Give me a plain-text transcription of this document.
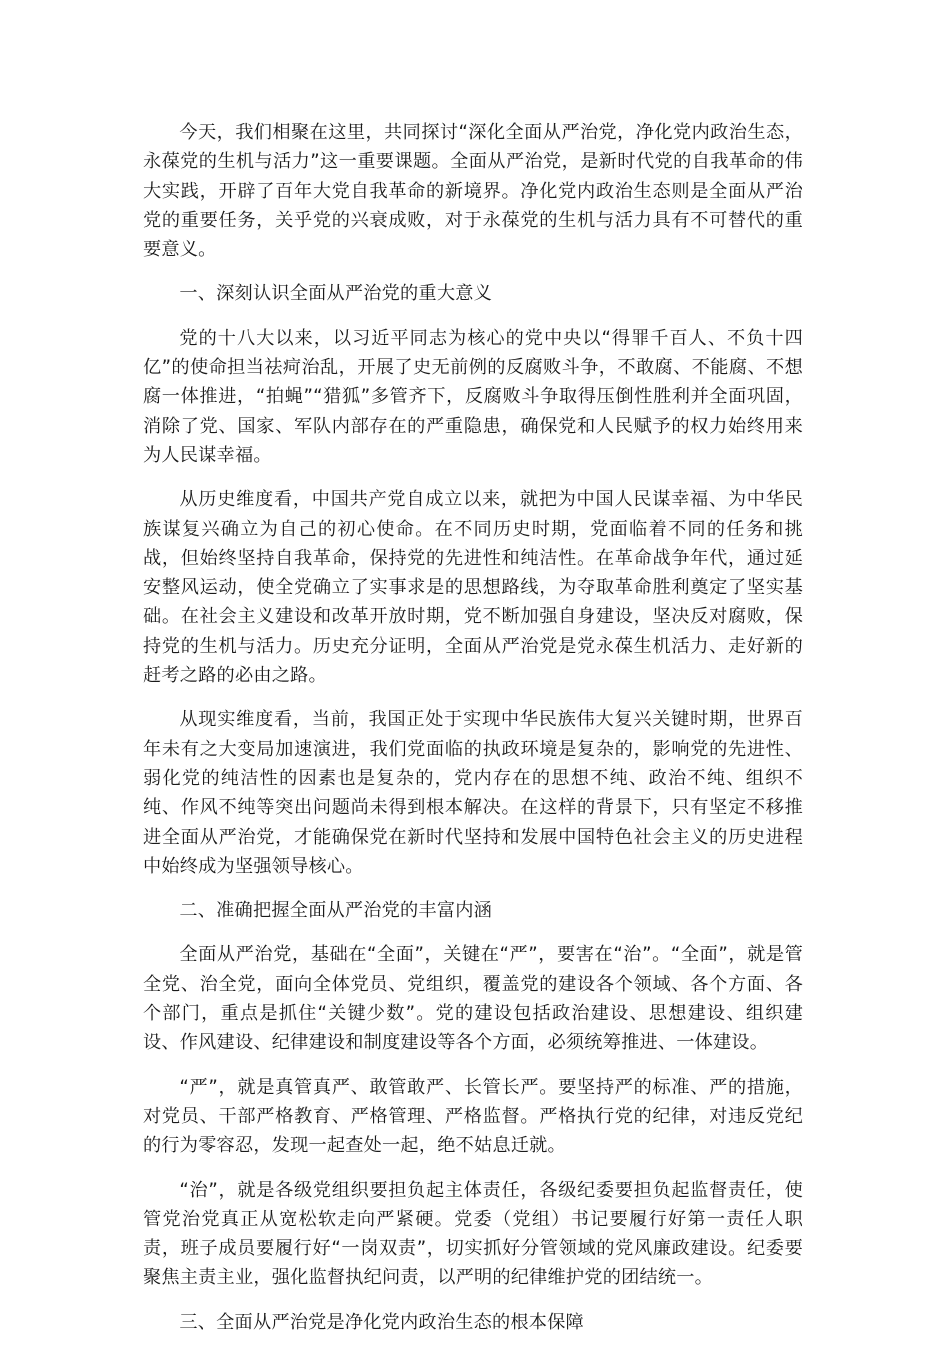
今天，我们相聚在这里，共同探讨“深化全面从严治党，净化党内政治生态，永葆党的生机与活力”这一重要课题。全面从严治党，是新时代党的自我革命的伟大实践，开辟了百年大党自我革命的新境界。净化党内政治生态则是全面从严治党的重要任务，关乎党的兴衰成败，对于永葆党的生机与活力具有不可替代的重要意义。

一、深刻认识全面从严治党的重大意义

党的十八大以来，以习近平同志为核心的党中央以“得罪千百人、不负十四亿”的使命担当祛疴治乱，开展了史无前例的反腐败斗争，不敢腐、不能腐、不想腐一体推进，“拍蝇”“猎狐”多管齐下，反腐败斗争取得压倒性胜利并全面巩固，消除了党、国家、军队内部存在的严重隐患，确保党和人民赋予的权力始终用来为人民谋幸福。

从历史维度看，中国共产党自成立以来，就把为中国人民谋幸福、为中华民族谋复兴确立为自己的初心使命。在不同历史时期，党面临着不同的任务和挑战，但始终坚持自我革命，保持党的先进性和纯洁性。在革命战争年代，通过延安整风运动，使全党确立了实事求是的思想路线，为夺取革命胜利奠定了坚实基础。在社会主义建设和改革开放时期，党不断加强自身建设，坚决反对腐败，保持党的生机与活力。历史充分证明，全面从严治党是党永葆生机活力、走好新的赶考之路的必由之路。

从现实维度看，当前，我国正处于实现中华民族伟大复兴关键时期，世界百年未有之大变局加速演进，我们党面临的执政环境是复杂的，影响党的先进性、弱化党的纯洁性的因素也是复杂的，党内存在的思想不纯、政治不纯、组织不纯、作风不纯等突出问题尚未得到根本解决。在这样的背景下，只有坚定不移推进全面从严治党，才能确保党在新时代坚持和发展中国特色社会主义的历史进程中始终成为坚强领导核心。

二、准确把握全面从严治党的丰富内涵

全面从严治党，基础在“全面”，关键在“严”，要害在“治”。“全面”，就是管全党、治全党，面向全体党员、党组织，覆盖党的建设各个领域、各个方面、各个部门，重点是抓住“关键少数”。党的建设包括政治建设、思想建设、组织建设、作风建设、纪律建设和制度建设等各个方面，必须统筹推进、一体建设。

“严”，就是真管真严、敢管敢严、长管长严。要坚持严的标准、严的措施，对党员、干部严格教育、严格管理、严格监督。严格执行党的纪律，对违反党纪的行为零容忍，发现一起查处一起，绝不姑息迁就。

“治”，就是各级党组织要担负起主体责任，各级纪委要担负起监督责任，使管党治党真正从宽松软走向严紧硬。党委（党组）书记要履行好第一责任人职责，班子成员要履行好“一岗双责”，切实抓好分管领域的党风廉政建设。纪委要聚焦主责主业，强化监督执纪问责，以严明的纪律维护党的团结统一。

三、全面从严治党是净化党内政治生态的根本保障
